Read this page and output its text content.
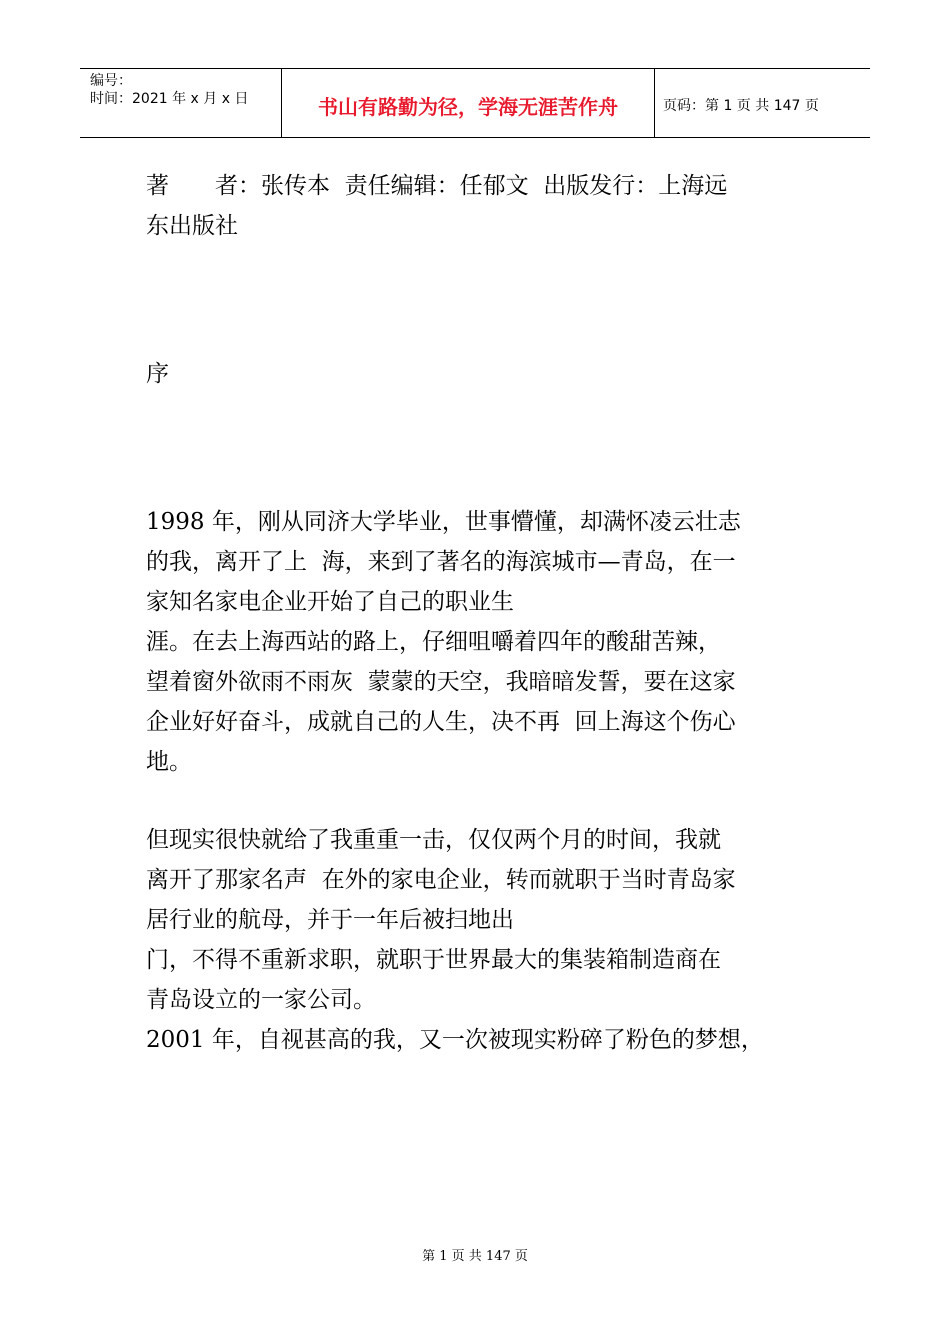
编号：
时间：2021 年 x 月 x 日	书山有路勤为径，学海无涯苦作舟	页码：第 1 页 共 147 页

著　　者：张传本  责任编辑：任郁文  出版发行：上海远

东出版社

序

1998 年，刚从同济大学毕业，世事懵懂，却满怀凌云壮志

的我，离开了上  海，来到了著名的海滨城市—青岛，在一

家知名家电企业开始了自己的职业生

涯。在去上海西站的路上，仔细咀嚼着四年的酸甜苦辣，

望着窗外欲雨不雨灰  蒙蒙的天空，我暗暗发誓，要在这家

企业好好奋斗，成就自己的人生，决不再  回上海这个伤心

地。

但现实很快就给了我重重一击，仅仅两个月的时间，我就

离开了那家名声  在外的家电企业，转而就职于当时青岛家

居行业的航母，并于一年后被扫地出

门，不得不重新求职，就职于世界最大的集装箱制造商在

青岛设立的一家公司。

2001 年，自视甚高的我，又一次被现实粉碎了粉色的梦想，

第 1 页 共 147 页
